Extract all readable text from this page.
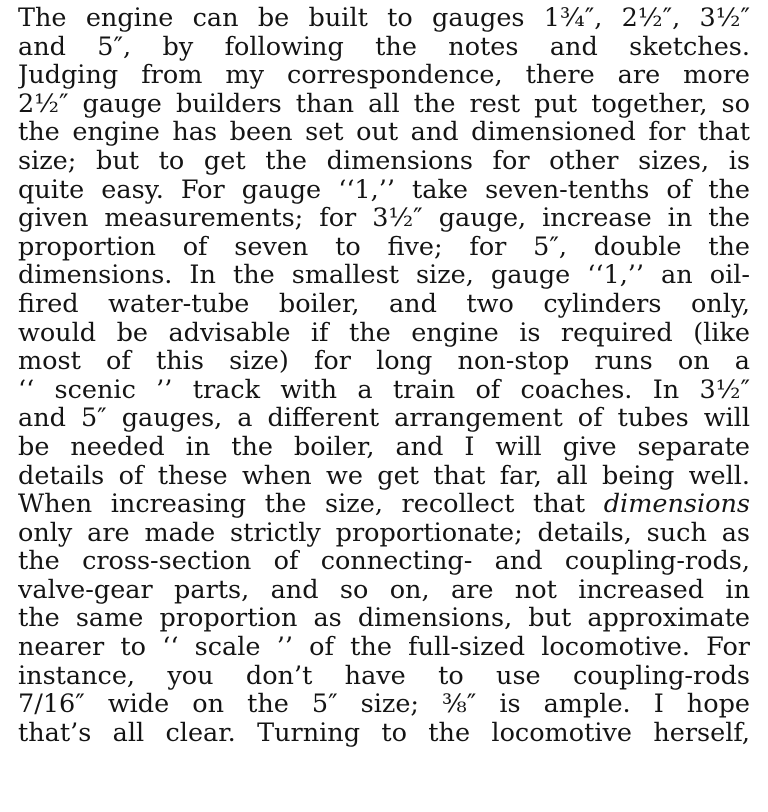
The engine can be built to gauges 1¾″, 2½″, 3½″
and 5″, by following the notes and sketches.
Judging from my correspondence, there are more
2½″ gauge builders than all the rest put together, so
the engine has been set out and dimensioned for that
size; but to get the dimensions for other sizes, is
quite easy. For gauge ‘‘1,’’ take seven-tenths of the
given measurements; for 3½″ gauge, increase in the
proportion of seven to five; for 5″, double the
dimensions. In the smallest size, gauge ‘‘1,’’ an oil-
fired water-tube boiler, and two cylinders only,
would be advisable if the engine is required (like
most of this size) for long non-stop runs on a
‘‘ scenic ’’ track with a train of coaches. In 3½″
and 5″ gauges, a different arrangement of tubes will
be needed in the boiler, and I will give separate
details of these when we get that far, all being well.
When increasing the size, recollect that dimensions
only are made strictly proportionate; details, such as
the cross-section of connecting- and coupling-rods,
valve-gear parts, and so on, are not increased in
the same proportion as dimensions, but approximate
nearer to ‘‘ scale ’’ of the full-sized locomotive. For
instance, you don’t have to use coupling-rods
7/16″ wide on the 5″ size; ⅜″ is ample. I hope
that’s all clear. Turning to the locomotive herself,
